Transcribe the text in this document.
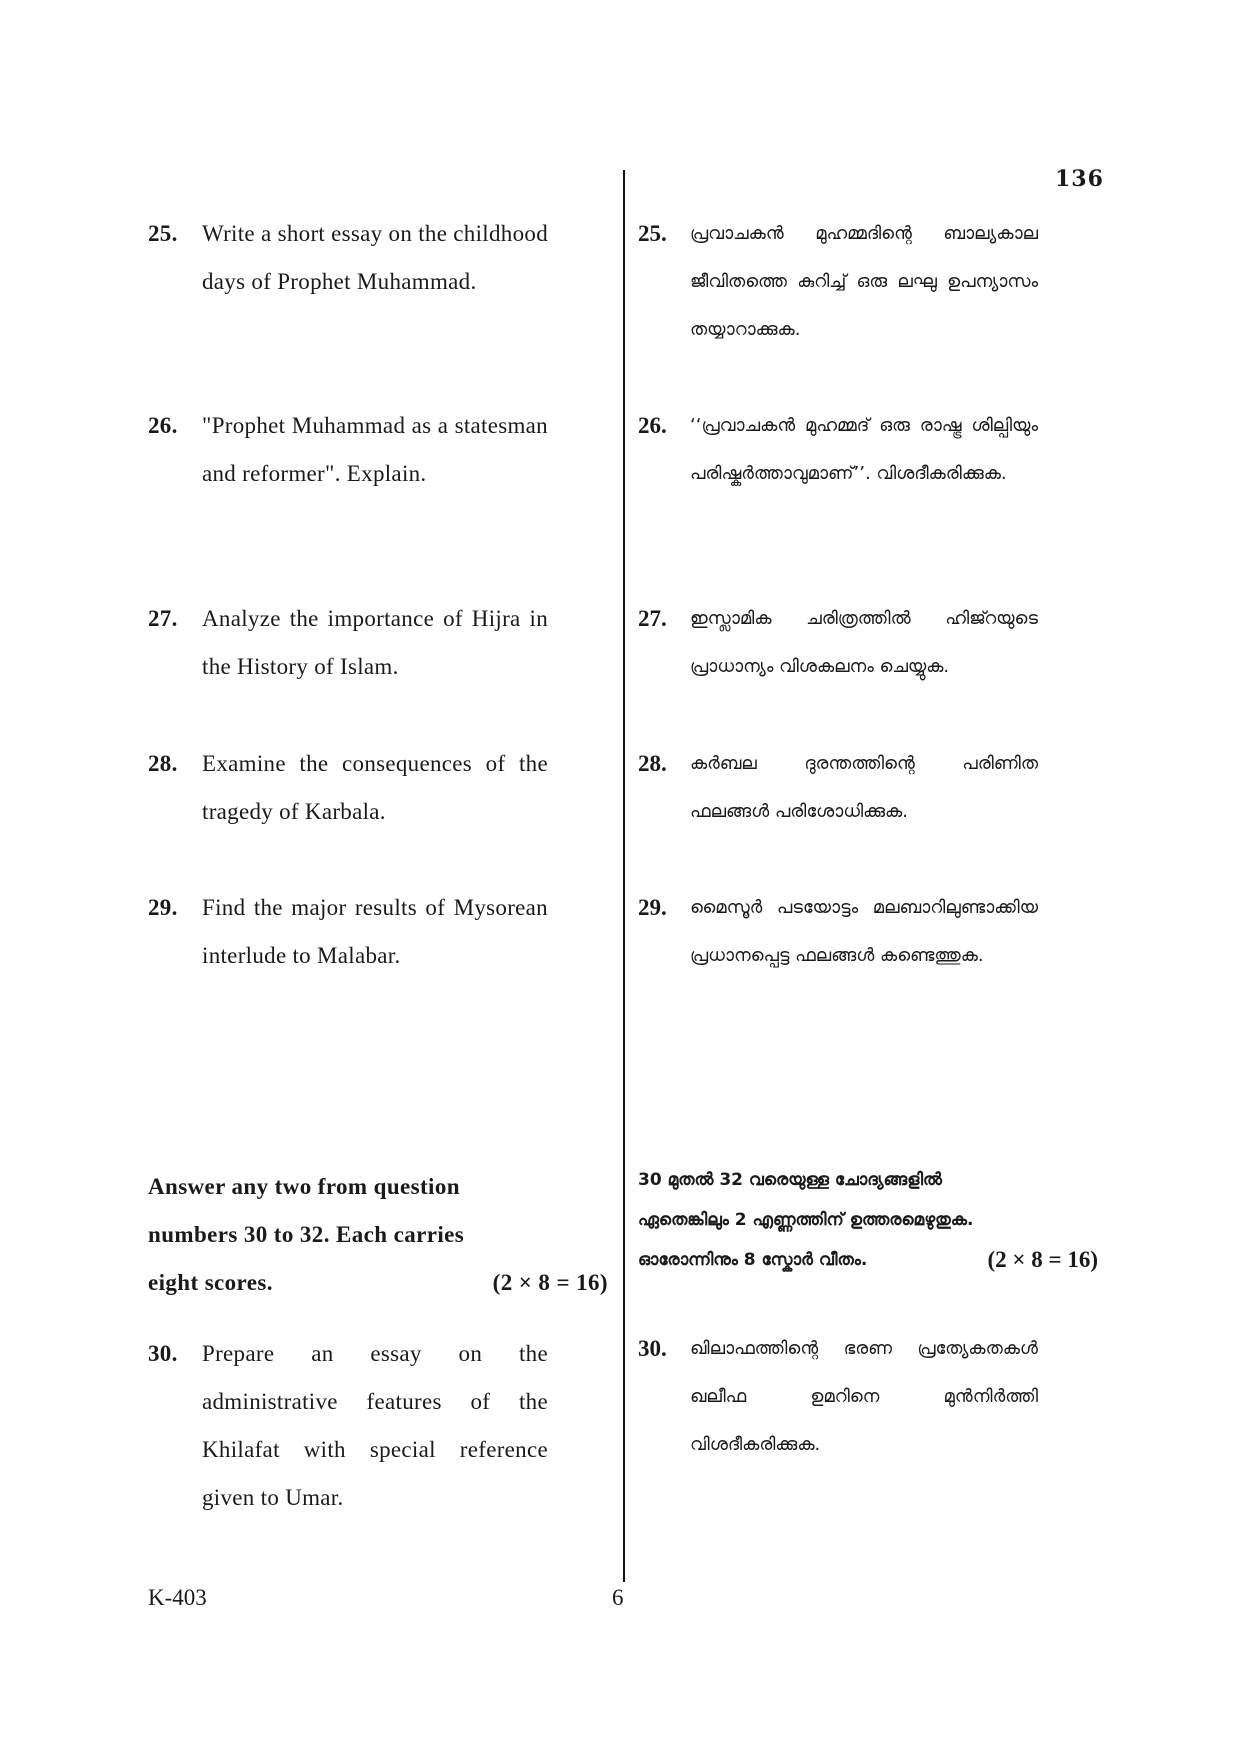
136
25. Write a short essay on the childhood days of Prophet Muhammad.
26. "Prophet Muhammad as a statesman and reformer". Explain.
27. Analyze the importance of Hijra in the History of Islam.
28. Examine the consequences of the tragedy of Karbala.
29. Find the major results of Mysorean interlude to Malabar.
Answer any two from question
numbers 30 to 32. Each carries
eight scores.	(2 × 8 = 16)
30. Prepare an essay on the administrative features of the Khilafat with special reference given to Umar.
25. പ്രവാചകൻ മുഹമ്മദിന്റെ ബാല്യകാല ജീവിതത്തെ കുറിച്ച് ഒരു ലഘു ഉപന്യാസം തയ്യാറാക്കുക.
26. ‘‘പ്രവാചകൻ മുഹമ്മദ് ഒരു രാഷ്ട്ര ശില്പിയും പരിഷ്കർത്താവുമാണ്’’. വിശദീകരിക്കുക.
27. ഇസ്ലാമിക ചരിത്രത്തിൽ ഹിജ്റയുടെ പ്രാധാന്യം വിശകലനം ചെയ്യുക.
28. കർബല ദുരന്തത്തിന്റെ പരിണിത ഫലങ്ങൾ പരിശോധിക്കുക.
29. മൈസൂർ പടയോട്ടം മലബാറിലുണ്ടാക്കിയ പ്രധാനപ്പെട്ട ഫലങ്ങൾ കണ്ടെത്തുക.
30 മുതൽ 32 വരെയുള്ള ചോദ്യങ്ങളിൽ
ഏതെങ്കിലും 2 എണ്ണത്തിന് ഉത്തരമെഴുതുക.
ഓരോന്നിനും 8 സ്കോർ വീതം.	(2 × 8 = 16)
30. ഖിലാഫത്തിന്റെ ഭരണ പ്രത്യേകതകൾ ഖലീഫ ഉമറിനെ മുൻനിർത്തി വിശദീകരിക്കുക.
K-403	6
